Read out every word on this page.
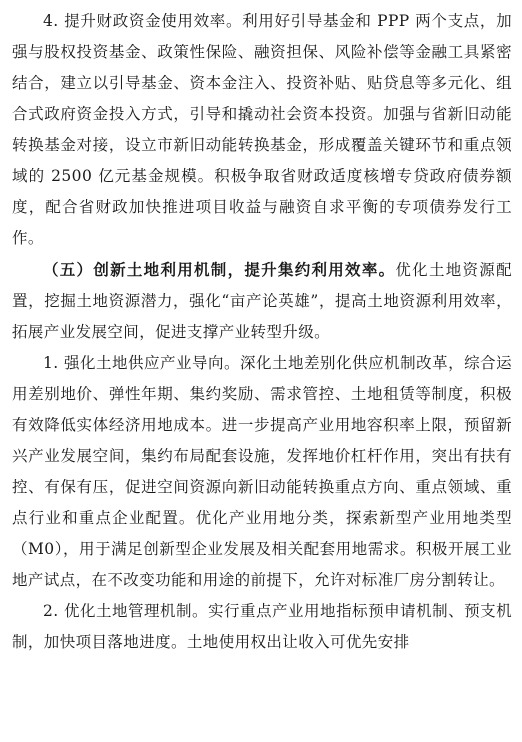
4. 提升财政资金使用效率。利用好引导基金和 PPP 两个支点，加强与股权投资基金、政策性保险、融资担保、风险补偿等金融工具紧密结合，建立以引导基金、资本金注入、投资补贴、贴贷息等多元化、组合式政府资金投入方式，引导和撬动社会资本投资。加强与省新旧动能转换基金对接，设立市新旧动能转换基金，形成覆盖关键环节和重点领域的 2500 亿元基金规模。积极争取省财政适度核增专贷政府债券额度，配合省财政加快推进项目收益与融资自求平衡的专项债券发行工作。

（五）创新土地利用机制，提升集约利用效率。优化土地资源配置，挖掘土地资源潜力，强化“亩产论英雄”，提高土地资源利用效率，拓展产业发展空间，促进支撑产业转型升级。

1. 强化土地供应产业导向。深化土地差别化供应机制改革，综合运用差别地价、弹性年期、集约奖励、需求管控、土地租赁等制度，积极有效降低实体经济用地成本。进一步提高产业用地容积率上限，预留新兴产业发展空间，集约布局配套设施，发挥地价杠杆作用，突出有扶有控、有保有压，促进空间资源向新旧动能转换重点方向、重点领域、重点行业和重点企业配置。优化产业用地分类，探索新型产业用地类型（M0），用于满足创新型企业发展及相关配套用地需求。积极开展工业地产试点，在不改变功能和用途的前提下，允许对标准厂房分割转让。

2. 优化土地管理机制。实行重点产业用地指标预申请机制、预支机制，加快项目落地进度。土地使用权出让收入可优先安排
